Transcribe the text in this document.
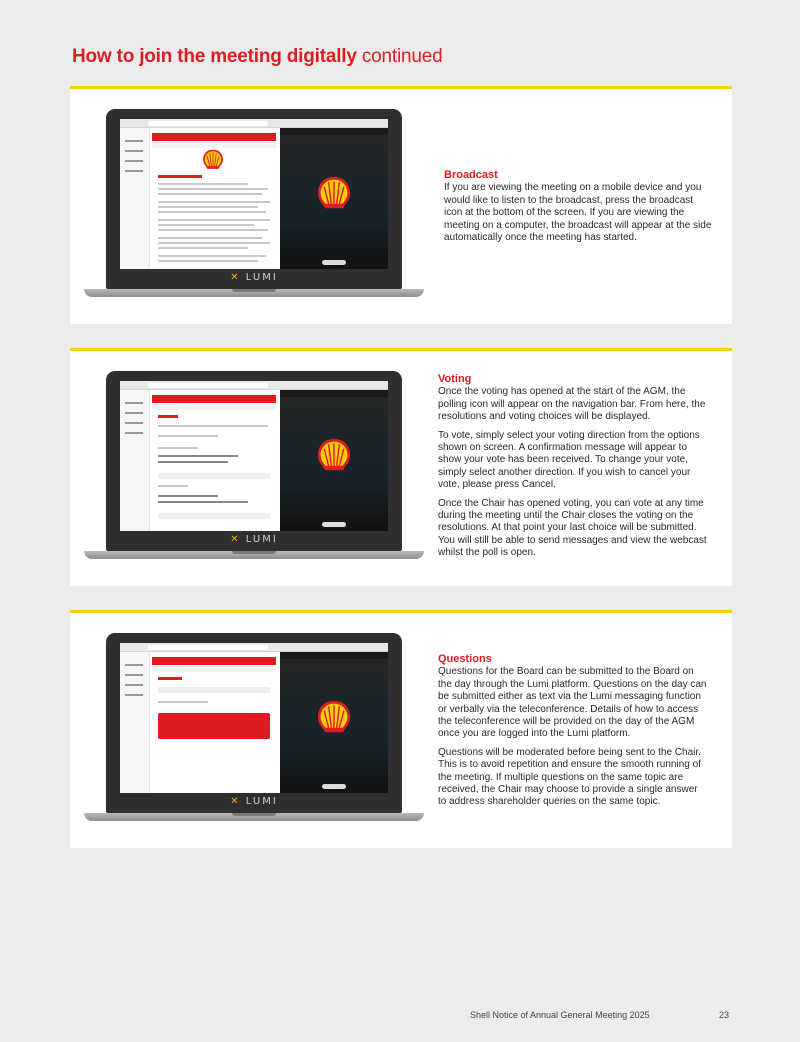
How to join the meeting digitally continued
✕ LUMI
Broadcast

If you are viewing the meeting on a mobile device and you would like to listen to the broadcast, press the broadcast icon at the bottom of the screen. If you are viewing the meeting on a computer, the broadcast will appear at the side automatically once the meeting has started.

✕ LUMI
Voting

Once the voting has opened at the start of the AGM, the polling icon will appear on the navigation bar. From here, the resolutions and voting choices will be displayed.

To vote, simply select your voting direction from the options shown on screen. A confirmation message will appear to show your vote has been received. To change your vote, simply select another direction. If you wish to cancel your vote, please press Cancel.

Once the Chair has opened voting, you can vote at any time during the meeting until the Chair closes the voting on the resolutions. At that point your last choice will be submitted. You will still be able to send messages and view the webcast whilst the poll is open.

✕ LUMI
Questions

Questions for the Board can be submitted to the Board on the day through the Lumi platform. Questions on the day can be submitted either as text via the Lumi messaging function or verbally via the teleconference. Details of how to access the teleconference will be provided on the day of the AGM once you are logged into the Lumi platform.

Questions will be moderated before being sent to the Chair. This is to avoid repetition and ensure the smooth running of the meeting. If multiple questions on the same topic are received, the Chair may choose to provide a single answer to address shareholder queries on the same topic.

Shell Notice of Annual General Meeting 2025	23
